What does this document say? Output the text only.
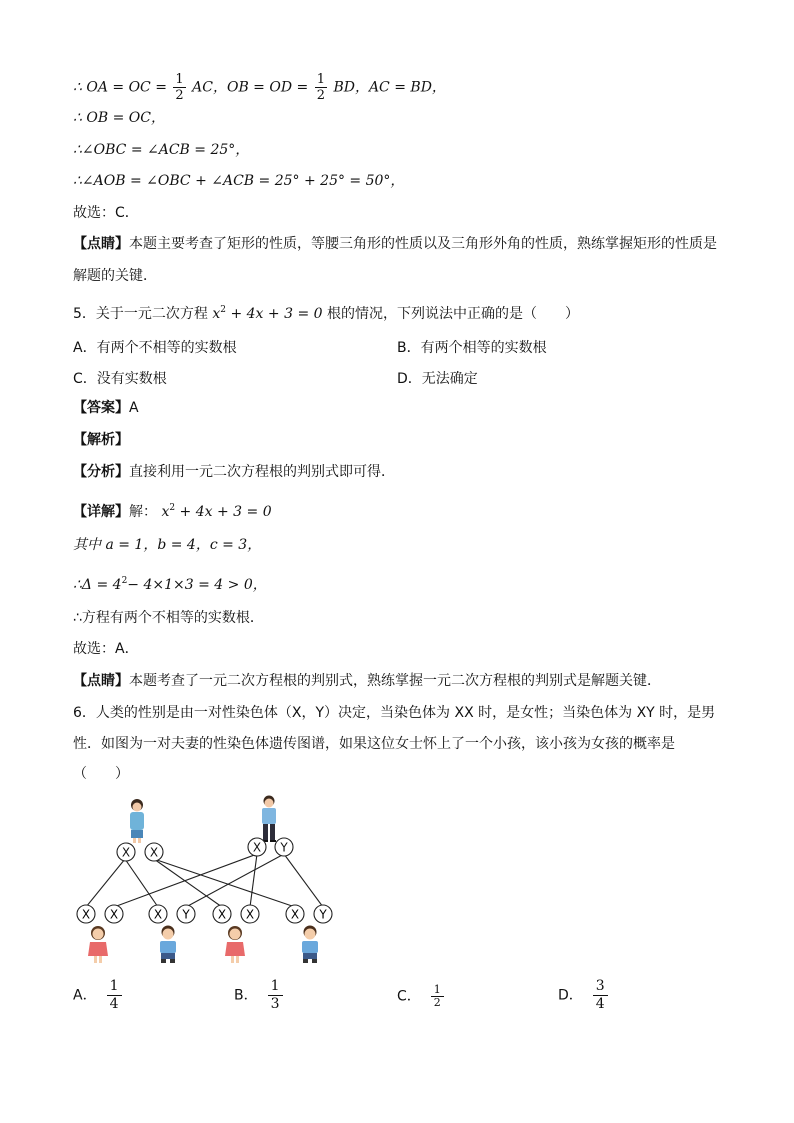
∴ OA = OC = $\frac{1}{2}$ AC，OB = OD = $\frac{1}{2}$ BD，AC = BD，
∴ OB = OC，
∴∠OBC = ∠ACB = 25°，
∴∠AOB = ∠OBC + ∠ACB = 25° + 25° = 50°，
故选：C．
【点睛】本题主要考查了矩形的性质，等腰三角形的性质以及三角形外角的性质，熟练掌握矩形的性质是
解题的关键．
5．关于一元二次方程 $x^2 + 4x + 3 = 0$ 根的情况，下列说法中正确的是（　　）
A．有两个不相等的实数根	B．有两个相等的实数根
C．没有实数根	D．无法确定
【答案】A
【解析】
【分析】直接利用一元二次方程根的判别式即可得．
【详解】解： $x^2 + 4x + 3 = 0$
其中 a = 1，b = 4，c = 3，
∴Δ = $4^2- 4\times 1\times 3 = 4 > 0$，
∴方程有两个不相等的实数根．
故选：A．
【点睛】本题考查了一元二次方程根的判别式，熟练掌握一元二次方程根的判别式是解题关键．
6．人类的性别是由一对性染色体（X，Y）决定，当染色体为 XX 时，是女性；当染色体为 XY 时，是男
性．如图为一对夫妻的性染色体遗传图谱，如果这位女士怀上了一个小孩，该小孩为女孩的概率是
（　　）
X X	X Y
X X	X Y X X	X Y
A． $\frac{1}{4}$	B． $\frac{1}{3}$	C． $\frac{1}{2}$	D． $\frac{3}{4}$
